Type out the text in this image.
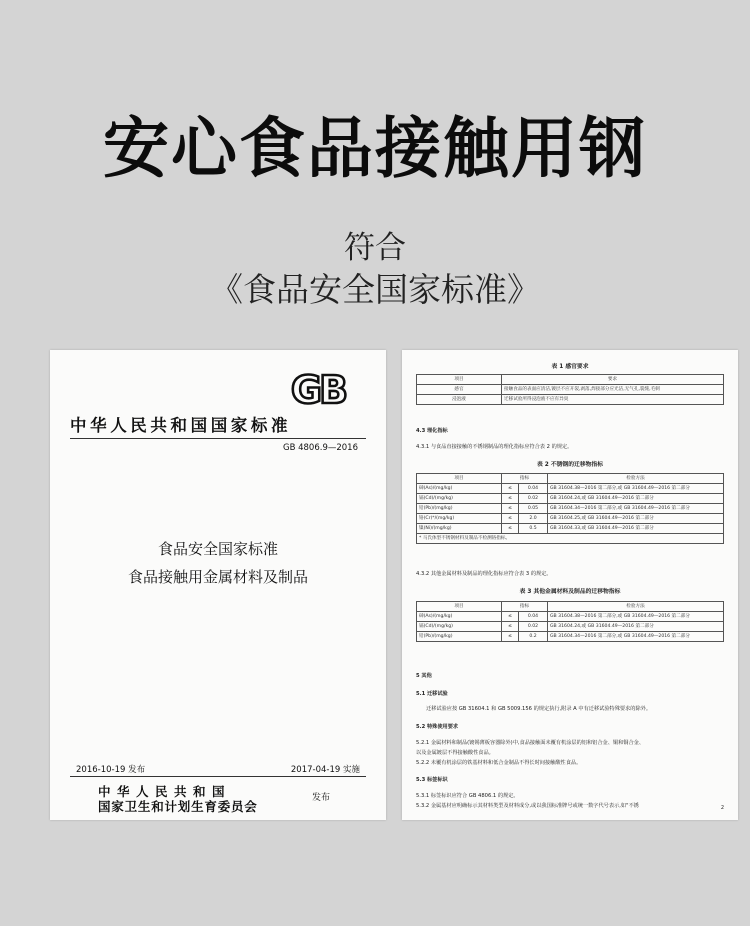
安心食品接触用钢
符合
《食品安全国家标准》
GB
中华人民共和国国家标准
GB 4806.9—2016
食品安全国家标准
食品接触用金属材料及制品
2016-10-19 发布	2017-04-19 实施
中华人民共和国
国家卫生和计划生育委员会
发布
表 1 感官要求
项目	要求
感官	接触食品的表面应清洁,镀层不应开裂,剥落,焊接部分应光洁,无气孔,裂缝,毛刺
浸泡液	迁移试验所得浸泡液不应有异臭
4.3 理化指标
4.3.1 与食品直接接触的不锈钢制品的理化指标应符合表 2 的规定。
表 2 不锈钢的迁移物指标
项目	指标		检验方法
砷(As)/(mg/kg)	≤	0.04	GB 31604.38—2016 第二部分,或 GB 31604.49—2016 第二部分
镉(Cd)/(mg/kg)	≤	0.02	GB 31604.24,或 GB 31604.49—2016 第二部分
铅(Pb)/(mg/kg)	≤	0.05	GB 31604.34—2016 第二部分,或 GB 31604.49—2016 第二部分
铬(Cr)*/(mg/kg)	≤	2.0	GB 31604.25,或 GB 31604.49—2016 第二部分
镍(Ni)/(mg/kg)	≤	0.5	GB 31604.33,或 GB 31604.49—2016 第二部分
* 马氏体型不锈钢材料及制品不检测铬指标。			
4.3.2 其他金属材料及制品的理化指标应符合表 3 的规定。
表 3 其他金属材料及制品的迁移物指标
项目	指标		检验方法
砷(As)/(mg/kg)	≤	0.04	GB 31604.38—2016 第二部分,或 GB 31604.49—2016 第二部分
镉(Cd)/(mg/kg)	≤	0.02	GB 31604.24,或 GB 31604.49—2016 第二部分
铅(Pb)/(mg/kg)	≤	0.2	GB 31604.34—2016 第二部分,或 GB 31604.49—2016 第二部分
5 其他
5.1 迁移试验
迁移试验应按 GB 31604.1 和 GB 5009.156 的规定执行,附录 A 中有迁移试验特殊要求的除外。
5.2 特殊使用要求
5.2.1 金属材料和制品(镀锡薄板容器除外)中,食品接触面未覆有机涂层的铝和铝合金、铜和铜合金、
以及金属镀层不得接触酸性食品。
5.2.2 未覆有机涂层的铁基材料和低合金制品不得长时间接触酸性食品。
5.3 标签标识
5.3.1 标签标识应符合 GB 4806.1 的规定。
5.3.2 金属基材应明确标示其材料类型及材料成分,或以我国标准牌号或统一数字代号表示,如"不锈	2
